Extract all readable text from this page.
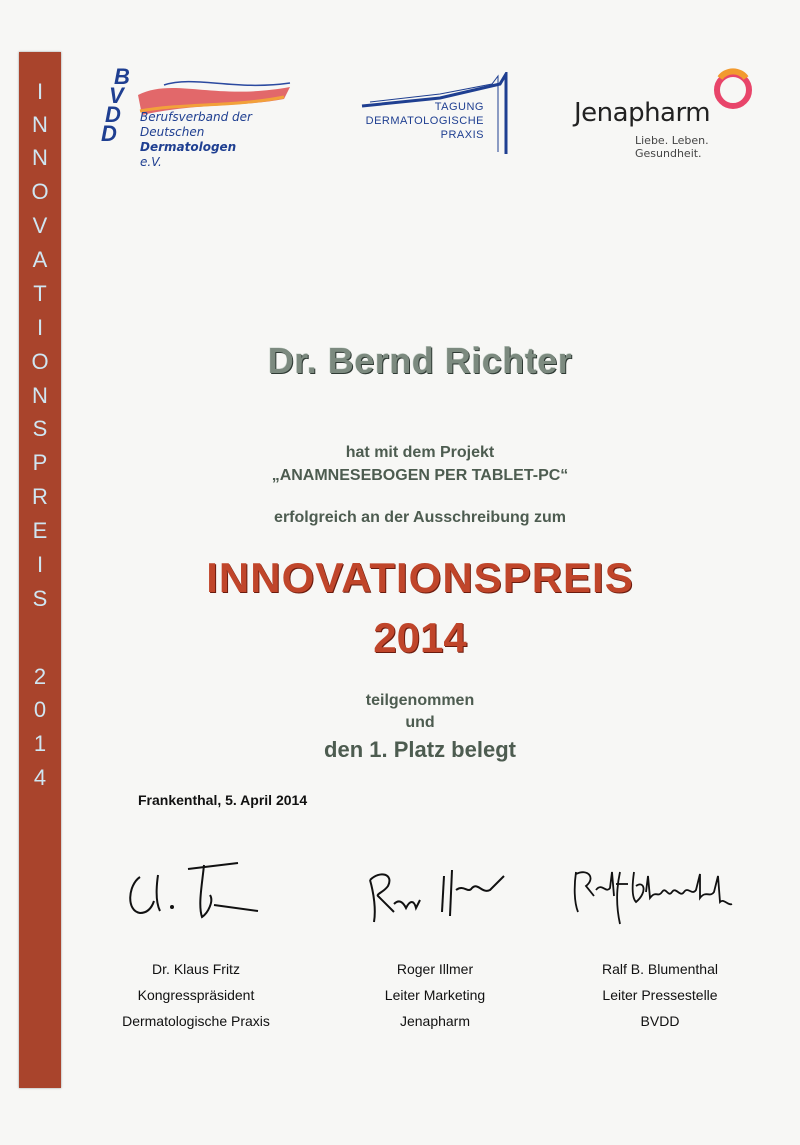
I
N
N
O
V
A
T
I
O
N
S
P
R
E
I
S
2
0
1
4
B
V
D
D
Berufsverband der
Deutschen Dermatologen
e.V.
TAGUNG
DERMATOLOGISCHE
PRAXIS
Jenapharm
Liebe. Leben. Gesundheit.
Dr. Bernd Richter
hat mit dem Projekt
„ANAMNESEBOGEN PER TABLET-PC“
erfolgreich an der Ausschreibung zum
INNOVATIONSPREIS
2014
teilgenommen
und
den 1. Platz belegt
Frankenthal, 5. April 2014
Dr. Klaus Fritz
Kongresspräsident
Dermatologische Praxis
Roger Illmer
Leiter Marketing
Jenapharm
Ralf B. Blumenthal
Leiter Pressestelle
BVDD
